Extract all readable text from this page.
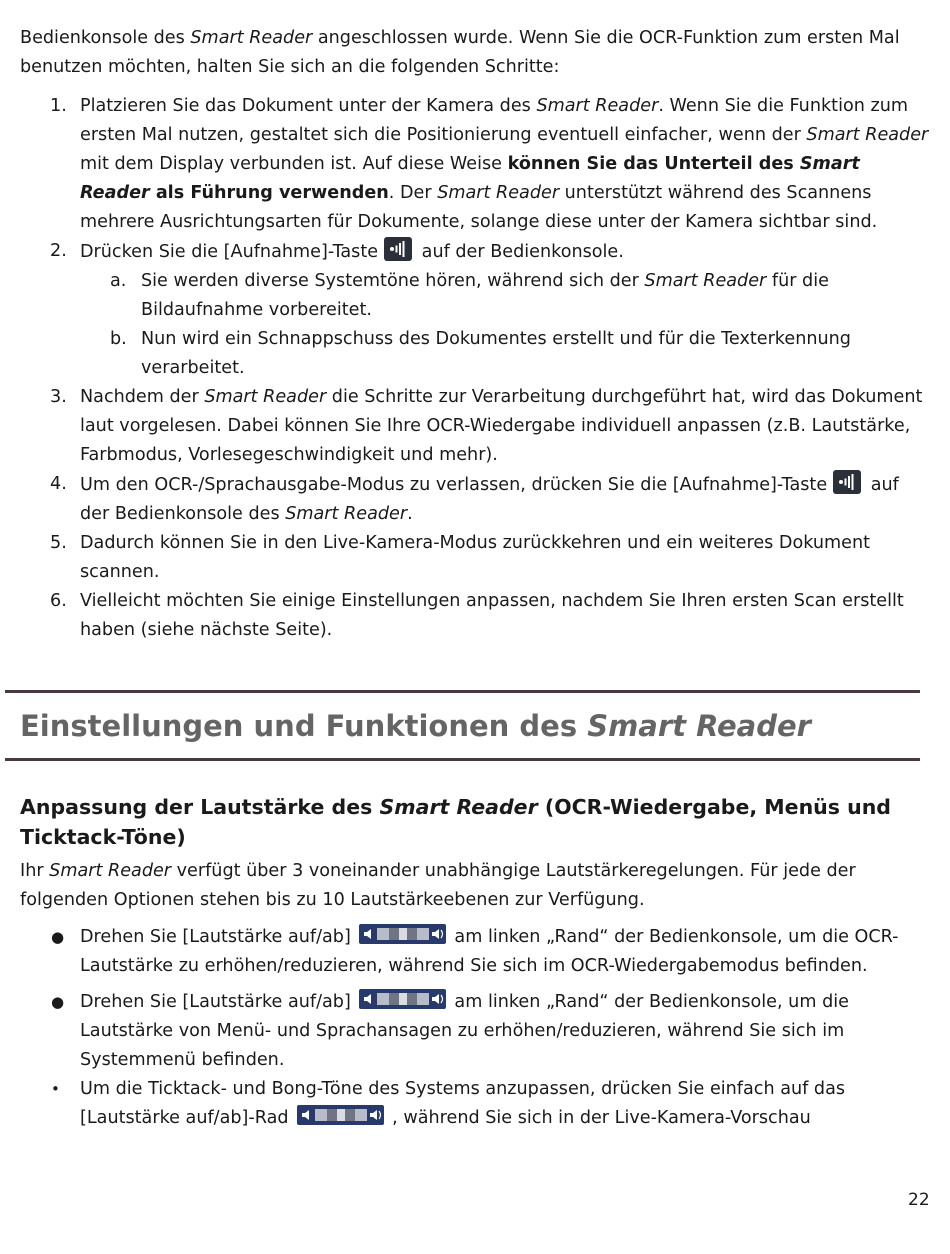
Bedienkonsole des Smart Reader angeschlossen wurde. Wenn Sie die OCR-Funktion zum ersten Mal benutzen möchten, halten Sie sich an die folgenden Schritte:

1. Platzieren Sie das Dokument unter der Kamera des Smart Reader. Wenn Sie die Funktion zum ersten Mal nutzen, gestaltet sich die Positionierung eventuell einfacher, wenn der Smart Reader mit dem Display verbunden ist. Auf diese Weise können Sie das Unterteil des Smart Reader als Führung verwenden. Der Smart Reader unterstützt während des Scannens mehrere Ausrichtungsarten für Dokumente, solange diese unter der Kamera sichtbar sind.
2. Drücken Sie die [Aufnahme]-Taste
auf der Bedienkonsole.
a. Sie werden diverse Systemtöne hören, während sich der Smart Reader für die Bildaufnahme vorbereitet.
b. Nun wird ein Schnappschuss des Dokumentes erstellt und für die Texterkennung verarbeitet.
3. Nachdem der Smart Reader die Schritte zur Verarbeitung durchgeführt hat, wird das Dokument laut vorgelesen. Dabei können Sie Ihre OCR-Wiedergabe individuell anpassen (z.B. Lautstärke, Farbmodus, Vorlesegeschwindigkeit und mehr).
4. Um den OCR-/Sprachausgabe-Modus zu verlassen, drücken Sie die [Aufnahme]-Taste
auf der Bedienkonsole des Smart Reader.
5. Dadurch können Sie in den Live-Kamera-Modus zurückkehren und ein weiteres Dokument scannen.
6. Vielleicht möchten Sie einige Einstellungen anpassen, nachdem Sie Ihren ersten Scan erstellt haben (siehe nächste Seite).
Einstellungen und Funktionen des Smart Reader
Anpassung der Lautstärke des Smart Reader (OCR-Wiedergabe, Menüs und Ticktack-Töne)

Ihr Smart Reader verfügt über 3 voneinander unabhängige Lautstärkeregelungen. Für jede der folgenden Optionen stehen bis zu 10 Lautstärkeebenen zur Verfügung.

● Drehen Sie [Lautstärke auf/ab]	am linken „Rand“ der Bedienkonsole, um die OCR-Lautstärke zu erhöhen/reduzieren, während Sie sich im OCR-Wiedergabemodus befinden.
● Drehen Sie [Lautstärke auf/ab]	am linken „Rand“ der Bedienkonsole, um die Lautstärke von Menü- und Sprachansagen zu erhöhen/reduzieren, während Sie sich im Systemmenü befinden.
• Um die Ticktack- und Bong-Töne des Systems anzupassen, drücken Sie einfach auf das [Lautstärke auf/ab]-Rad	, während Sie sich in der Live-Kamera-Vorschau
22
